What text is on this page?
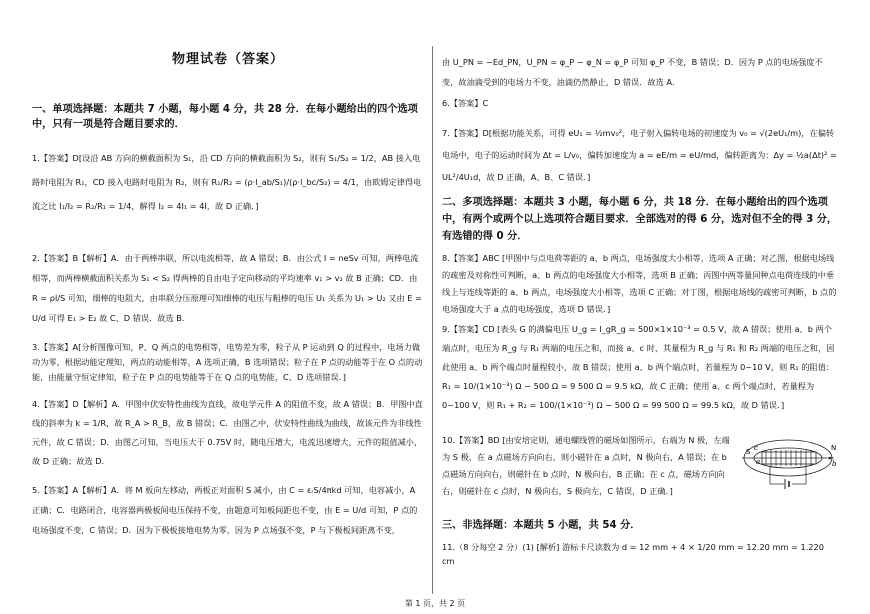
物理试卷（答案）
一、单项选择题：本题共 7 小题，每小题 4 分，共 28 分．在每小题给出的四个选项中，只有一项是符合题目要求的．
1.【答案】D[设沿 AB 方向的横截面积为 S₁，沿 CD 方向的横截面积为 S₂，则有 S₁/S₂ = 1/2，AB 接入电路时电阻为 R₁，CD 接入电路时电阻为 R₂，则有 R₁/R₂ = (ρ·l_ab/S₁)/(ρ·l_bc/S₂) = 4/1，由欧姆定律得电流之比 I₁/I₂ = R₂/R₁ = 1/4，解得 I₂ = 4I₁ = 4I，故 D 正确．]
2.【答案】B【解析】A．由于两棒串联，所以电流相等，故 A 错误；B．由公式 I = neSv 可知，两棒电流相等，而两棒横截面积关系为 S₁ < S₂ 得两棒的自由电子定向移动的平均速率 v₁ > v₂ 故 B 正确；CD．由 R = ρl/S 可知，细棒的电阻大，由串联分压原理可知细棒的电压与粗棒的电压 U₁ 关系为 U₁ > U₂ 又由 E = U/d 可得 E₁ > E₂ 故 C、D 错误．故选 B．
3.【答案】A[分析图像可知，P、Q 两点的电势相等，电势差为零，粒子从 P 运动到 Q 的过程中，电场力做功为零，根据动能定理知，两点的动能相等，A 选项正确，B 选项错误；粒子在 P 点的动能等于在 O 点的动能，由能量守恒定律知，粒子在 P 点的电势能等于在 Q 点的电势能，C、D 选项错误．]
4.【答案】D【解析】A．甲图中伏安特性曲线为直线，故电学元件 A 的阻值不变，故 A 错误；B．甲图中直线的斜率为 k = 1/R，故 R_A > R_B，故 B 错误；C．由图乙中，伏安特性曲线为曲线，故该元件为非线性元件，故 C 错误；D．由图乙可知，当电压大于 0.75V 时，随电压增大，电流迅速增大，元件的阻值减小，故 D 正确；故选 D．
5.【答案】A【解析】A．将 M 板向左移动，两板正对面积 S 减小，由 C = εᵣS/4πkd 可知，电容减小，A 正确；C．电路闭合，电容器两极板间电压保持不变，由题意可知板间距也不变，由 E = U/d 可知，P 点的电场强度不变，C 错误；D．因为下极板接地电势为零，因为 P 点场强不变，P 与下极板间距离不变，
由 U_PN = −Ed_PN，U_PN = φ_P − φ_N = φ_P 可知 φ_P 不变，B 错误；D．因为 P 点的电场强度不变，故油滴受到的电场力不变，油滴仍然静止，D 错误．故选 A．
6.【答案】C
7.【答案】D[根据功能关系，可得 eU₁ = ½mv₀²，电子射入偏转电场的初速度为 v₀ = √(2eU₁/m)，在偏转电场中，电子的运动时间为 Δt = L/v₀，偏转加速度为 a = eE/m = eU/md，偏转距离为：Δy = ½a(Δt)² = UL²/4U₁d，故 D 正确，A、B、C 错误．]
二、多项选择题：本题共 3 小题，每小题 6 分，共 18 分．在每小题给出的四个选项中，有两个或两个以上选项符合题目要求．全部选对的得 6 分，选对但不全的得 3 分，有选错的得 0 分．
8.【答案】ABC [甲图中与点电荷等距的 a、b 两点，电场强度大小相等，选项 A 正确；对乙图，根据电场线的疏密及对称性可判断，a、b 两点的电场强度大小相等，选项 B 正确；丙图中两等量同种点电荷连线的中垂线上与连线等距的 a、b 两点，电场强度大小相等，选项 C 正确；对丁图，根据电场线的疏密可判断，b 点的电场强度大于 a 点的电场强度，选项 D 错误．]
9.【答案】CD [表头 G 的满偏电压 U_g = I_gR_g = 500×1×10⁻³ = 0.5 V，故 A 错误；使用 a、b 两个端点时，电压为 R_g 与 R₁ 两端的电压之和，而接 a、c 时，其量程为 R_g 与 R₁ 和 R₂ 两端的电压之和，因此使用 a、b 两个端点时量程较小，故 B 错误；使用 a、b 两个端点时，若量程为 0~10 V，则 R₁ 的阻值：R₁ = 10/(1×10⁻³) Ω − 500 Ω = 9 500 Ω = 9.5 kΩ，故 C 正确；使用 a、c 两个端点时，若量程为 0~100 V，则 R₁ + R₂ = 100/(1×10⁻³) Ω − 500 Ω = 99 500 Ω = 99.5 kΩ，故 D 错误．]
10.【答案】BD [由安培定则，通电螺线管的磁场如图所示，右端为 N 极，左端为 S 极，在 a 点磁场方向向右，则小磁针在 a 点时，N 极向右，A 错误；在 b 点磁场方向向右，则磁针在 b 点时，N 极向右，B 正确；在 c 点，磁场方向向右，则磁针在 c 点时，N 极向右，S 极向左，C 错误，D 正确．]
S	N
a	b
c
三、非选择题：本题共 5 小题，共 54 分．
11.（8 分每空 2 分）(1) [解析] 游标卡尺读数为 d = 12 mm + 4 × 1/20 mm = 12.20 mm = 1.220 cm
第 1 页，共 2 页
